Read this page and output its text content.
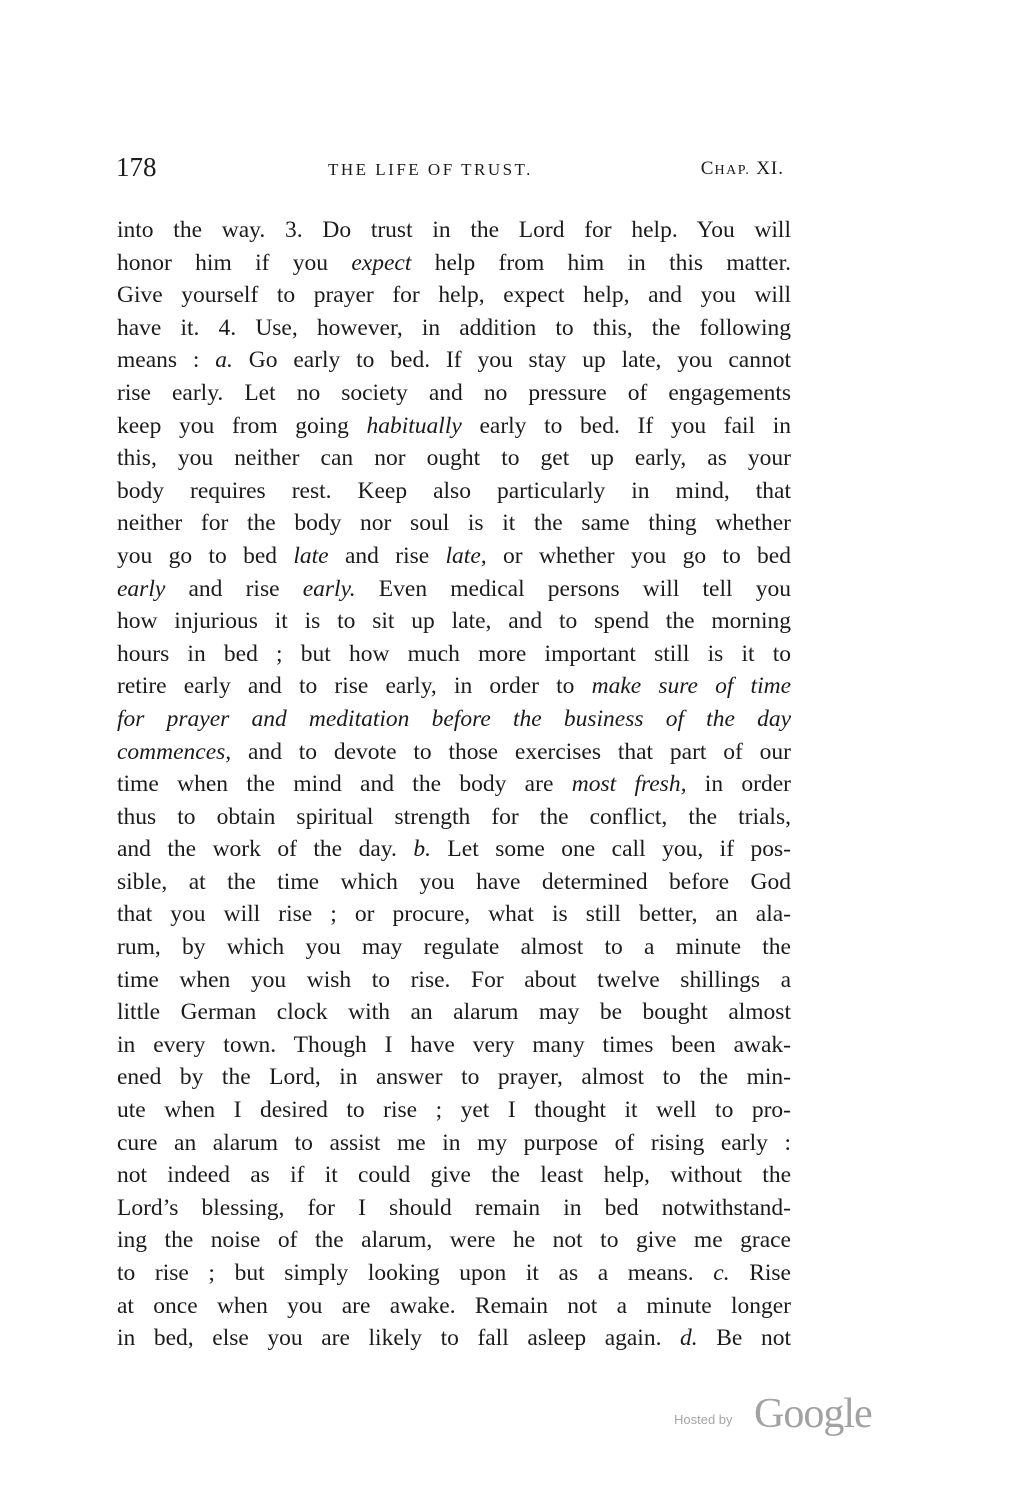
178	THE LIFE OF TRUST.	CHAP. XI.
into the way. 3. Do trust in the Lord for help. You will
honor him if you expect help from him in this matter.
Give yourself to prayer for help, expect help, and you will
have it. 4. Use, however, in addition to this, the following
means : a. Go early to bed. If you stay up late, you cannot
rise early. Let no society and no pressure of engagements
keep you from going habitually early to bed. If you fail in
this, you neither can nor ought to get up early, as your
body requires rest. Keep also particularly in mind, that
neither for the body nor soul is it the same thing whether
you go to bed late and rise late, or whether you go to bed
early and rise early. Even medical persons will tell you
how injurious it is to sit up late, and to spend the morning
hours in bed ; but how much more important still is it to
retire early and to rise early, in order to make sure of time
for prayer and meditation before the business of the day
commences, and to devote to those exercises that part of our
time when the mind and the body are most fresh, in order
thus to obtain spiritual strength for the conflict, the trials,
and the work of the day. b. Let some one call you, if pos-
sible, at the time which you have determined before God
that you will rise ; or procure, what is still better, an ala-
rum, by which you may regulate almost to a minute the
time when you wish to rise. For about twelve shillings a
little German clock with an alarum may be bought almost
in every town. Though I have very many times been awak-
ened by the Lord, in answer to prayer, almost to the min-
ute when I desired to rise ; yet I thought it well to pro-
cure an alarum to assist me in my purpose of rising early :
not indeed as if it could give the least help, without the
Lord’s blessing, for I should remain in bed notwithstand-
ing the noise of the alarum, were he not to give me grace
to rise ; but simply looking upon it as a means. c. Rise
at once when you are awake. Remain not a minute longer
in bed, else you are likely to fall asleep again. d. Be not
Hosted by Google
